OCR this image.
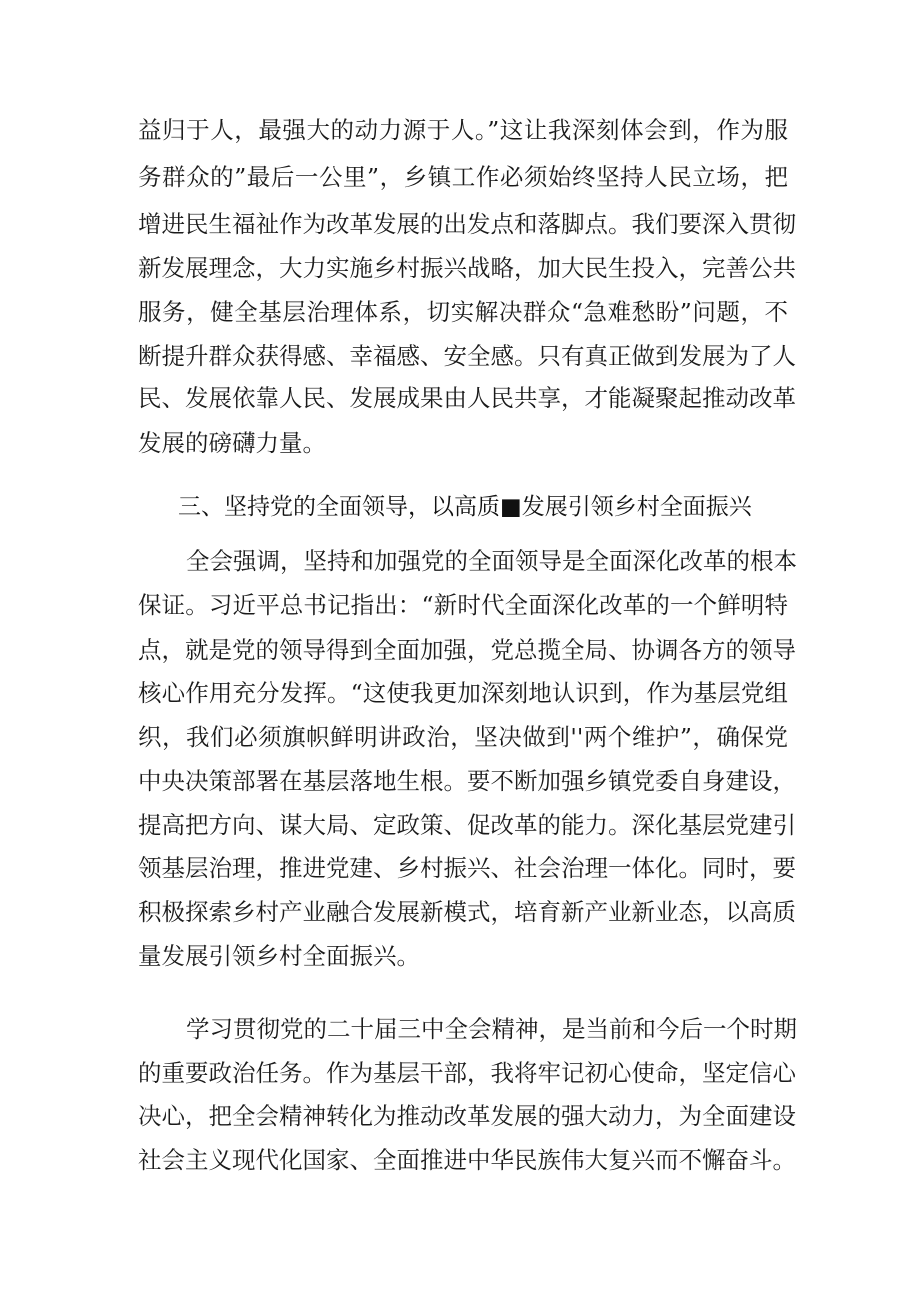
益归于人，最强大的动力源于人。”这让我深刻体会到，作为服
务群众的”最后一公里”，乡镇工作必须始终坚持人民立场，把
增进民生福祉作为改革发展的出发点和落脚点。我们要深入贯彻
新发展理念，大力实施乡村振兴战略，加大民生投入，完善公共
服务，健全基层治理体系，切实解决群众“急难愁盼”问题，不
断提升群众获得感、幸福感、安全感。只有真正做到发展为了人
民、发展依靠人民、发展成果由人民共享，才能凝聚起推动改革
发展的磅礴力量。
三、坚持党的全面领导，以高质■发展引领乡村全面振兴
全会强调，坚持和加强党的全面领导是全面深化改革的根本
保证。习近平总书记指出：“新时代全面深化改革的一个鲜明特
点，就是党的领导得到全面加强，党总揽全局、协调各方的领导
核心作用充分发挥。“这使我更加深刻地认识到，作为基层党组
织，我们必须旗帜鲜明讲政治，坚决做到''两个维护”，确保党
中央决策部署在基层落地生根。要不断加强乡镇党委自身建设，
提高把方向、谋大局、定政策、促改革的能力。深化基层党建引
领基层治理，推进党建、乡村振兴、社会治理一体化。同时，要
积极探索乡村产业融合发展新模式，培育新产业新业态，以高质
量发展引领乡村全面振兴。
学习贯彻党的二十届三中全会精神，是当前和今后一个时期
的重要政治任务。作为基层干部，我将牢记初心使命，坚定信心
决心，把全会精神转化为推动改革发展的强大动力，为全面建设
社会主义现代化国家、全面推进中华民族伟大复兴而不懈奋斗。
